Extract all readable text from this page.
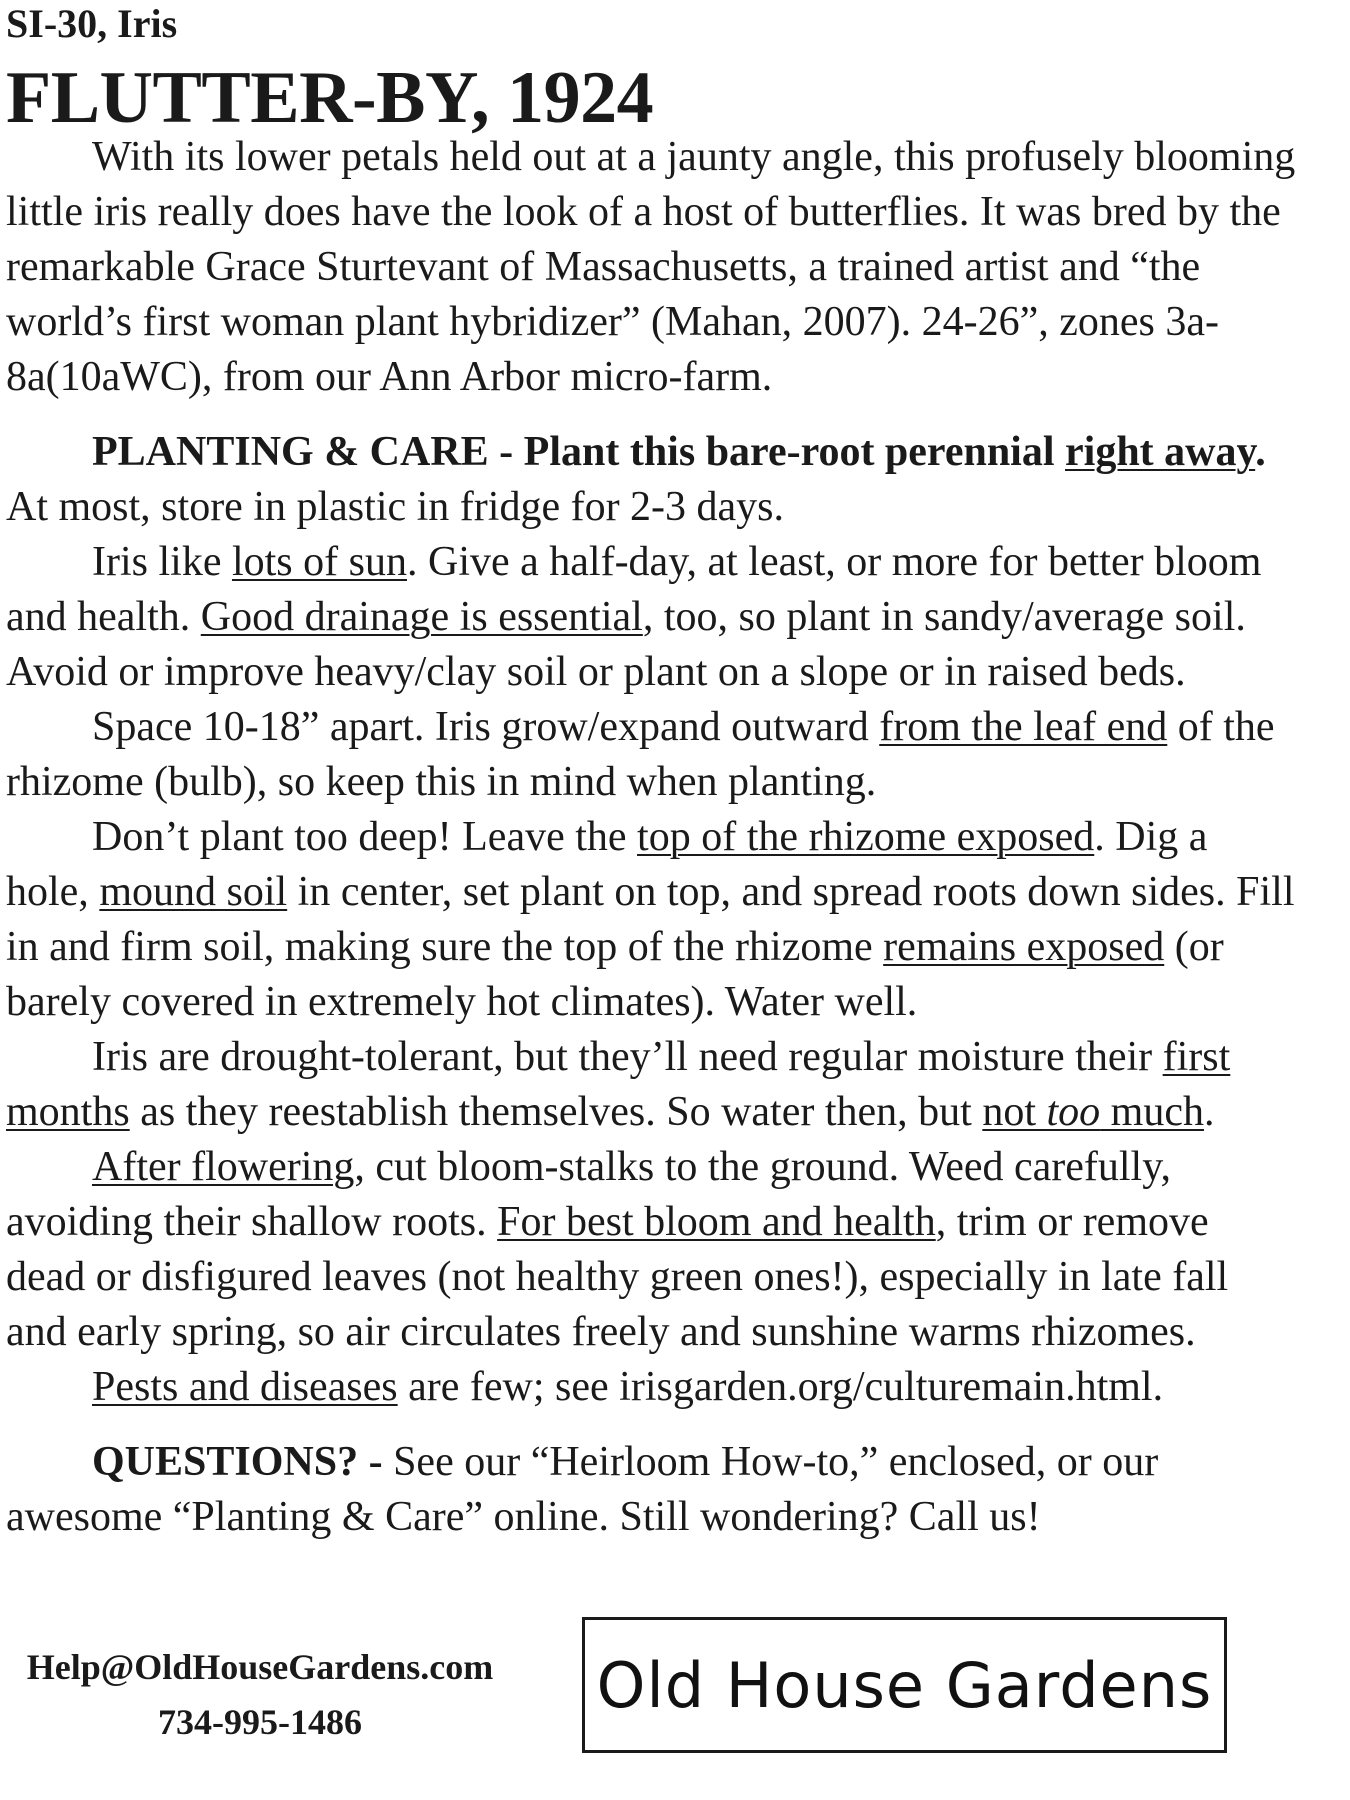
SI-30, Iris
FLUTTER-BY, 1924

With its lower petals held out at a jaunty angle, this profusely blooming little iris really does have the look of a host of butterflies. It was bred by the remarkable Grace Sturtevant of Massachusetts, a trained artist and “the world’s first woman plant hybridizer” (Mahan, 2007). 24-26”, zones 3a-8a(10aWC), from our Ann Arbor micro-farm.

PLANTING & CARE - Plant this bare-root perennial right away. At most, store in plastic in fridge for 2-3 days.

Iris like lots of sun. Give a half-day, at least, or more for better bloom and health. Good drainage is essential, too, so plant in sandy/average soil. Avoid or improve heavy/clay soil or plant on a slope or in raised beds.

Space 10-18” apart. Iris grow/expand outward from the leaf end of the rhizome (bulb), so keep this in mind when planting.

Don’t plant too deep! Leave the top of the rhizome exposed. Dig a hole, mound soil in center, set plant on top, and spread roots down sides. Fill in and firm soil, making sure the top of the rhizome remains exposed (or barely covered in extremely hot climates). Water well.

Iris are drought-tolerant, but they’ll need regular moisture their first months as they reestablish themselves. So water then, but not too much.

After flowering, cut bloom-stalks to the ground. Weed carefully, avoiding their shallow roots. For best bloom and health, trim or remove dead or disfigured leaves (not healthy green ones!), especially in late fall and early spring, so air circulates freely and sunshine warms rhizomes.

Pests and diseases are few; see irisgarden.org/culturemain.html.

QUESTIONS? - See our “Heirloom How-to,” enclosed, or our awesome “Planting & Care” online. Still wondering? Call us!

Help@OldHouseGardens.com
734-995-1486
Old House Gardens
